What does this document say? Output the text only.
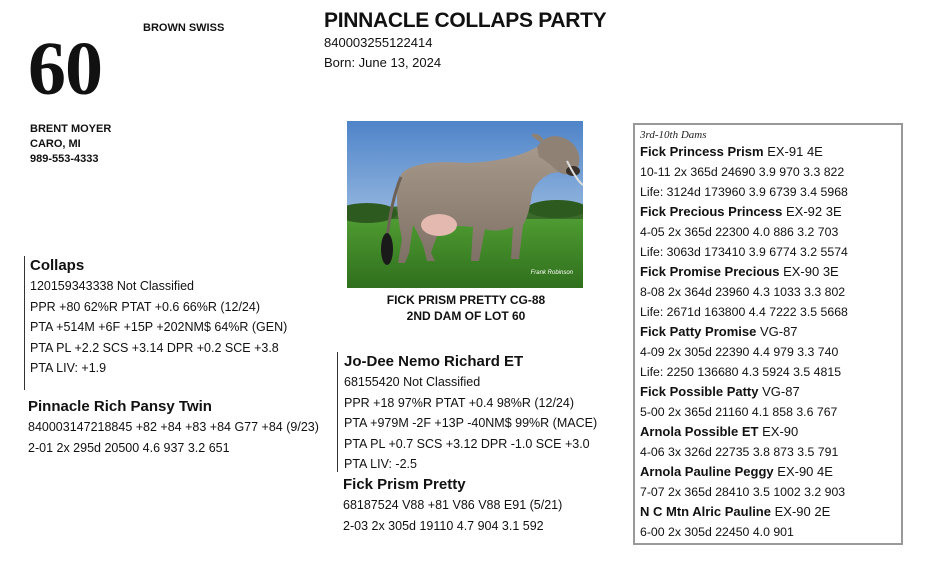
60	BROWN SWISS	PINNACLE COLLAPS PARTY
840003255122414
Born: June 13, 2024
BRENT MOYER
CARO, MI
989-553-4333
Frank Robinson
FICK PRISM PRETTY CG-88
2ND DAM OF LOT 60
Collaps
120159343338 Not Classified
PPR +80 62%R PTAT +0.6 66%R (12/24)
PTA +514M +6F +15P +202NM$ 64%R (GEN)
PTA PL +2.2 SCS +3.14 DPR +0.2 SCE +3.8
PTA LIV: +1.9
Pinnacle Rich Pansy Twin
840003147218845 +82 +84 +83 +84 G77 +84 (9/23)
2-01 2x 295d 20500 4.6 937 3.2 651
Jo-Dee Nemo Richard ET
68155420 Not Classified
PPR +18 97%R PTAT +0.4 98%R (12/24)
PTA +979M -2F +13P -40NM$ 99%R (MACE)
PTA PL +0.7 SCS +3.12 DPR -1.0 SCE +3.0
PTA LIV: -2.5
Fick Prism Pretty
68187524 V88 +81 V86 V88 E91 (5/21)
2-03 2x 305d 19110 4.7 904 3.1 592
3rd-10th Dams
Fick Princess Prism EX-91 4E
10-11 2x 365d 24690 3.9 970 3.3 822
Life: 3124d 173960 3.9 6739 3.4 5968
Fick Precious Princess EX-92 3E
4-05 2x 365d 22300 4.0 886 3.2 703
Life: 3063d 173410 3.9 6774 3.2 5574
Fick Promise Precious EX-90 3E
8-08 2x 364d 23960 4.3 1033 3.3 802
Life: 2671d 163800 4.4 7222 3.5 5668
Fick Patty Promise VG-87
4-09 2x 305d 22390 4.4 979 3.3 740
Life: 2250 136680 4.3 5924 3.5 4815
Fick Possible Patty VG-87
5-00 2x 365d 21160 4.1 858 3.6 767
Arnola Possible ET EX-90
4-06 3x 326d 22735 3.8 873 3.5 791
Arnola Pauline Peggy EX-90 4E
7-07 2x 365d 28410 3.5 1002 3.2 903
N C Mtn Alric Pauline EX-90 2E
6-00 2x 305d 22450 4.0 901
